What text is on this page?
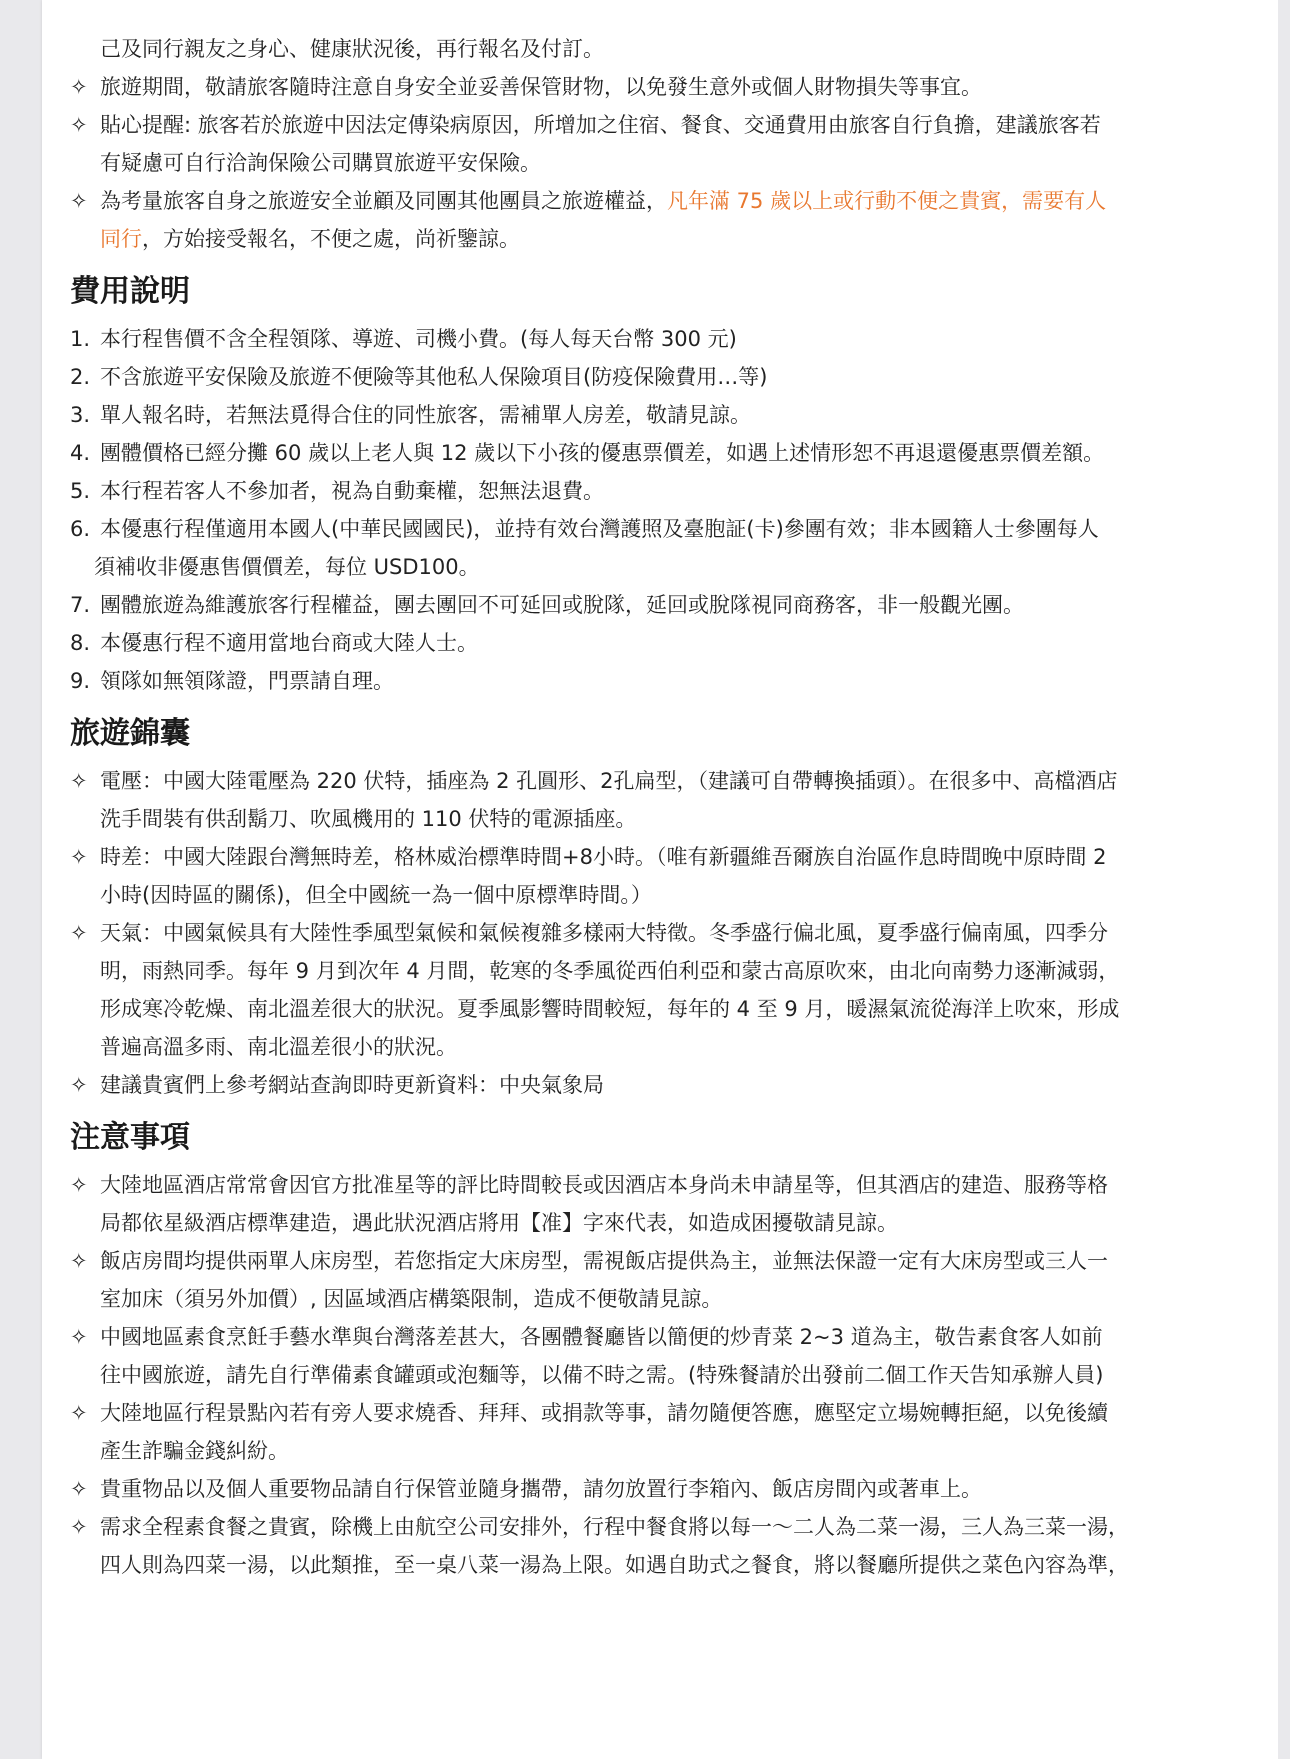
己及同行親友之身心、健康狀況後，再行報名及付訂。
✧ 旅遊期間，敬請旅客隨時注意自身安全並妥善保管財物，以免發生意外或個人財物損失等事宜。
✧ 貼心提醒: 旅客若於旅遊中因法定傳染病原因，所增加之住宿、餐食、交通費用由旅客自行負擔，建議旅客若
有疑慮可自行洽詢保險公司購買旅遊平安保險。
✧ 為考量旅客自身之旅遊安全並顧及同團其他團員之旅遊權益，凡年滿 75 歲以上或行動不便之貴賓，需要有人
同行，方始接受報名，不便之處，尚祈鑒諒。
費用說明
1. 本行程售價不含全程領隊、導遊、司機小費。(每人每天台幣 300 元)
2. 不含旅遊平安保險及旅遊不便險等其他私人保險項目(防疫保險費用…等)
3. 單人報名時，若無法覓得合住的同性旅客，需補單人房差，敬請見諒。
4. 團體價格已經分攤 60 歲以上老人與 12 歲以下小孩的優惠票價差，如遇上述情形恕不再退還優惠票價差額。
5. 本行程若客人不參加者，視為自動棄權，恕無法退費。
6. 本優惠行程僅適用本國人(中華民國國民)，並持有效台灣護照及臺胞証(卡)參團有效；非本國籍人士參團每人
須補收非優惠售價價差，每位 USD100。
7. 團體旅遊為維護旅客行程權益，團去團回不可延回或脫隊，延回或脫隊視同商務客，非一般觀光團。
8. 本優惠行程不適用當地台商或大陸人士。
9. 領隊如無領隊證，門票請自理。
旅遊錦囊
✧ 電壓：中國大陸電壓為 220 伏特，插座為 2 孔圓形、2孔扁型，（建議可自帶轉換插頭）。在很多中、高檔酒店
洗手間裝有供刮鬍刀、吹風機用的 110 伏特的電源插座。
✧ 時差：中國大陸跟台灣無時差，格林威治標準時間+8小時。（唯有新疆維吾爾族自治區作息時間晚中原時間 2
小時(因時區的關係)，但全中國統一為一個中原標準時間。）
✧ 天氣：中國氣候具有大陸性季風型氣候和氣候複雜多樣兩大特徵。冬季盛行偏北風，夏季盛行偏南風，四季分
明，雨熱同季。每年 9 月到次年 4 月間，乾寒的冬季風從西伯利亞和蒙古高原吹來，由北向南勢力逐漸減弱，
形成寒冷乾燥、南北溫差很大的狀況。夏季風影響時間較短，每年的 4 至 9 月，暖濕氣流從海洋上吹來，形成
普遍高溫多雨、南北溫差很小的狀況。
✧ 建議貴賓們上參考網站查詢即時更新資料：中央氣象局
注意事項
✧ 大陸地區酒店常常會因官方批准星等的評比時間較長或因酒店本身尚未申請星等，但其酒店的建造、服務等格
局都依星級酒店標準建造，遇此狀況酒店將用【准】字來代表，如造成困擾敬請見諒。
✧ 飯店房間均提供兩單人床房型，若您指定大床房型，需視飯店提供為主，並無法保證一定有大床房型或三人一
室加床（須另外加價）, 因區域酒店構築限制，造成不便敬請見諒。
✧ 中國地區素食烹飪手藝水準與台灣落差甚大，各團體餐廳皆以簡便的炒青菜 2~3 道為主，敬告素食客人如前
往中國旅遊，請先自行準備素食罐頭或泡麵等，以備不時之需。(特殊餐請於出發前二個工作天告知承辦人員)
✧ 大陸地區行程景點內若有旁人要求燒香、拜拜、或捐款等事，請勿隨便答應，應堅定立場婉轉拒絕，以免後續
產生詐騙金錢糾紛。
✧ 貴重物品以及個人重要物品請自行保管並隨身攜帶，請勿放置行李箱內、飯店房間內或著車上。
✧ 需求全程素食餐之貴賓，除機上由航空公司安排外，行程中餐食將以每一～二人為二菜一湯，三人為三菜一湯，
四人則為四菜一湯，以此類推，至一桌八菜一湯為上限。如遇自助式之餐食，將以餐廳所提供之菜色內容為準，
